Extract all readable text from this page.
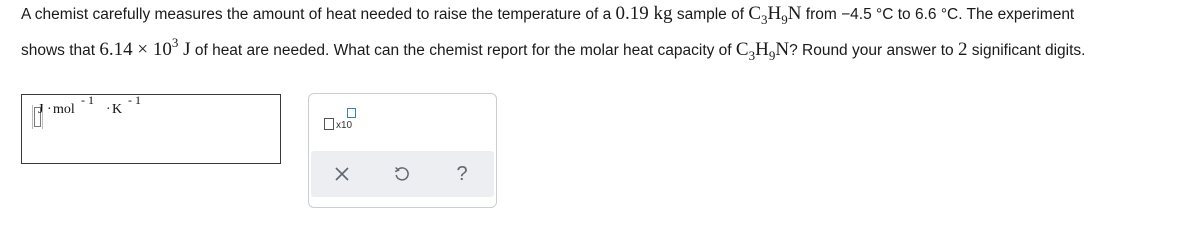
A chemist carefully measures the amount of heat needed to raise the temperature of a 0.19 kg sample of $C_3H_9N$ from −4.5 °C to 6.6 °C. The experiment
shows that $6.14 \times 10^3$ J of heat are needed. What can the chemist report for the molar heat capacity of $C_3H_9N$? Round your answer to 2 significant digits.
J · mol
- 1
· K
- 1
x10
?
